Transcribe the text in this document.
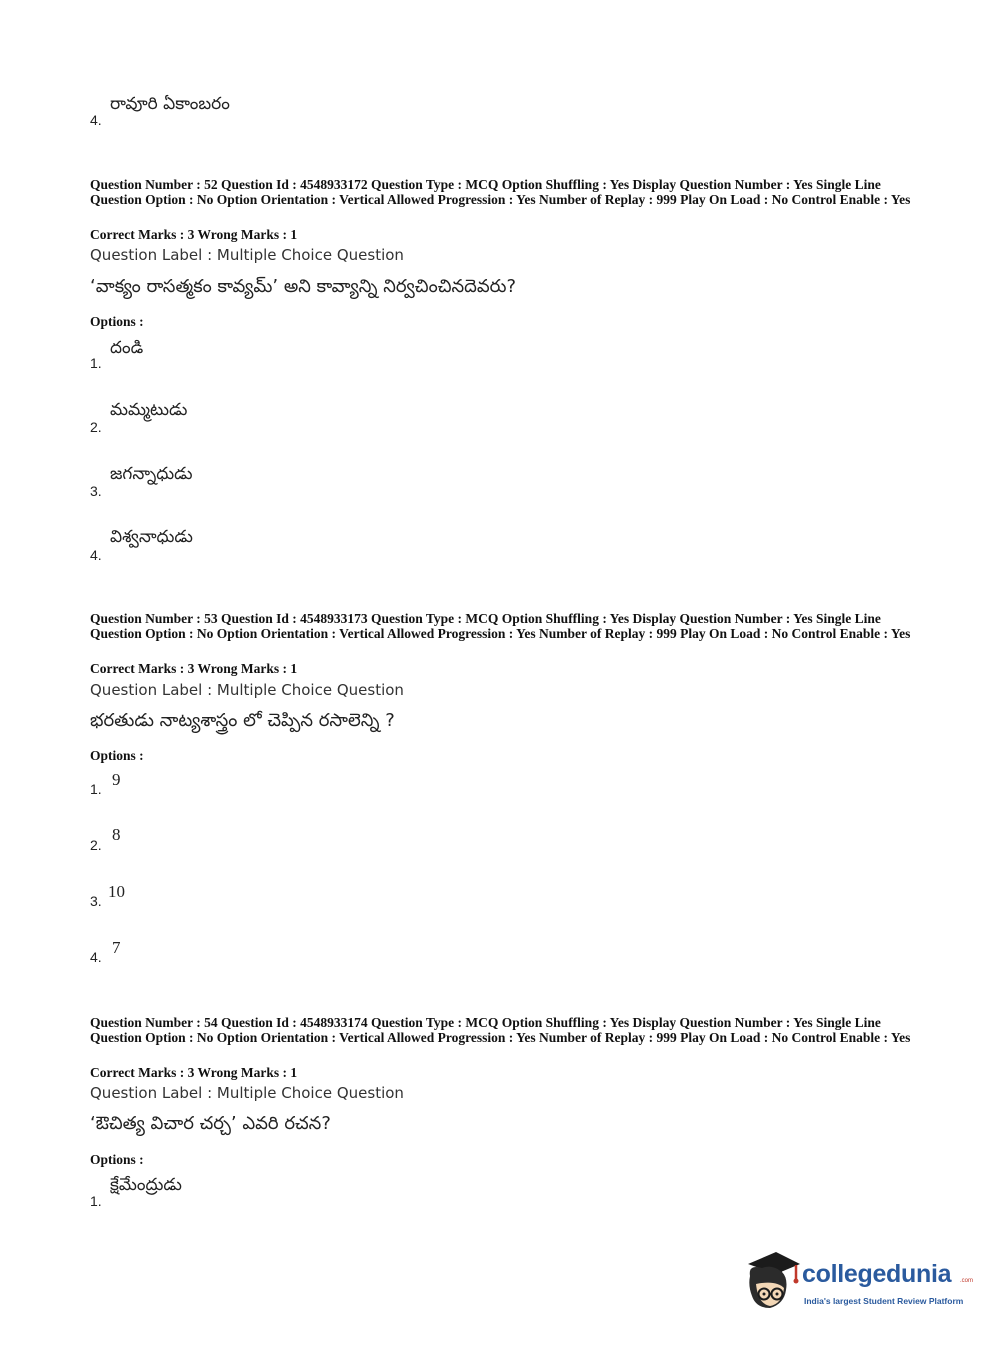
రావూరి ఏకాంబరం
4.
Question Number : 52 Question Id : 4548933172 Question Type : MCQ Option Shuffling : Yes Display Question Number : Yes Single Line Question Option : No Option Orientation : Vertical Allowed Progression : Yes Number of Replay : 999 Play On Load : No Control Enable : Yes
Correct Marks : 3 Wrong Marks : 1
Question Label : Multiple Choice Question
‘వాక్యం రాసత్మకం కావ్యమ్’ అని కావ్యాన్ని నిర్వచించినదెవరు?
Options :
దండి
1.
మమ్మటుడు
2.
జగన్నాధుడు
3.
విశ్వనాధుడు
4.
Question Number : 53 Question Id : 4548933173 Question Type : MCQ Option Shuffling : Yes Display Question Number : Yes Single Line Question Option : No Option Orientation : Vertical Allowed Progression : Yes Number of Replay : 999 Play On Load : No Control Enable : Yes
Correct Marks : 3 Wrong Marks : 1
Question Label : Multiple Choice Question
భరతుడు నాట్యశాస్త్రం లో చెప్పిన రసాలెన్ని ?
Options :
9
1.
8
2.
10
3.
7
4.
Question Number : 54 Question Id : 4548933174 Question Type : MCQ Option Shuffling : Yes Display Question Number : Yes Single Line Question Option : No Option Orientation : Vertical Allowed Progression : Yes Number of Replay : 999 Play On Load : No Control Enable : Yes
Correct Marks : 3 Wrong Marks : 1
Question Label : Multiple Choice Question
‘ఔచిత్య విచార చర్చ’ ఎవరి రచన?
Options :
క్షేమేంద్రుడు
1.
collegedunia .com
India's largest Student Review Platform
